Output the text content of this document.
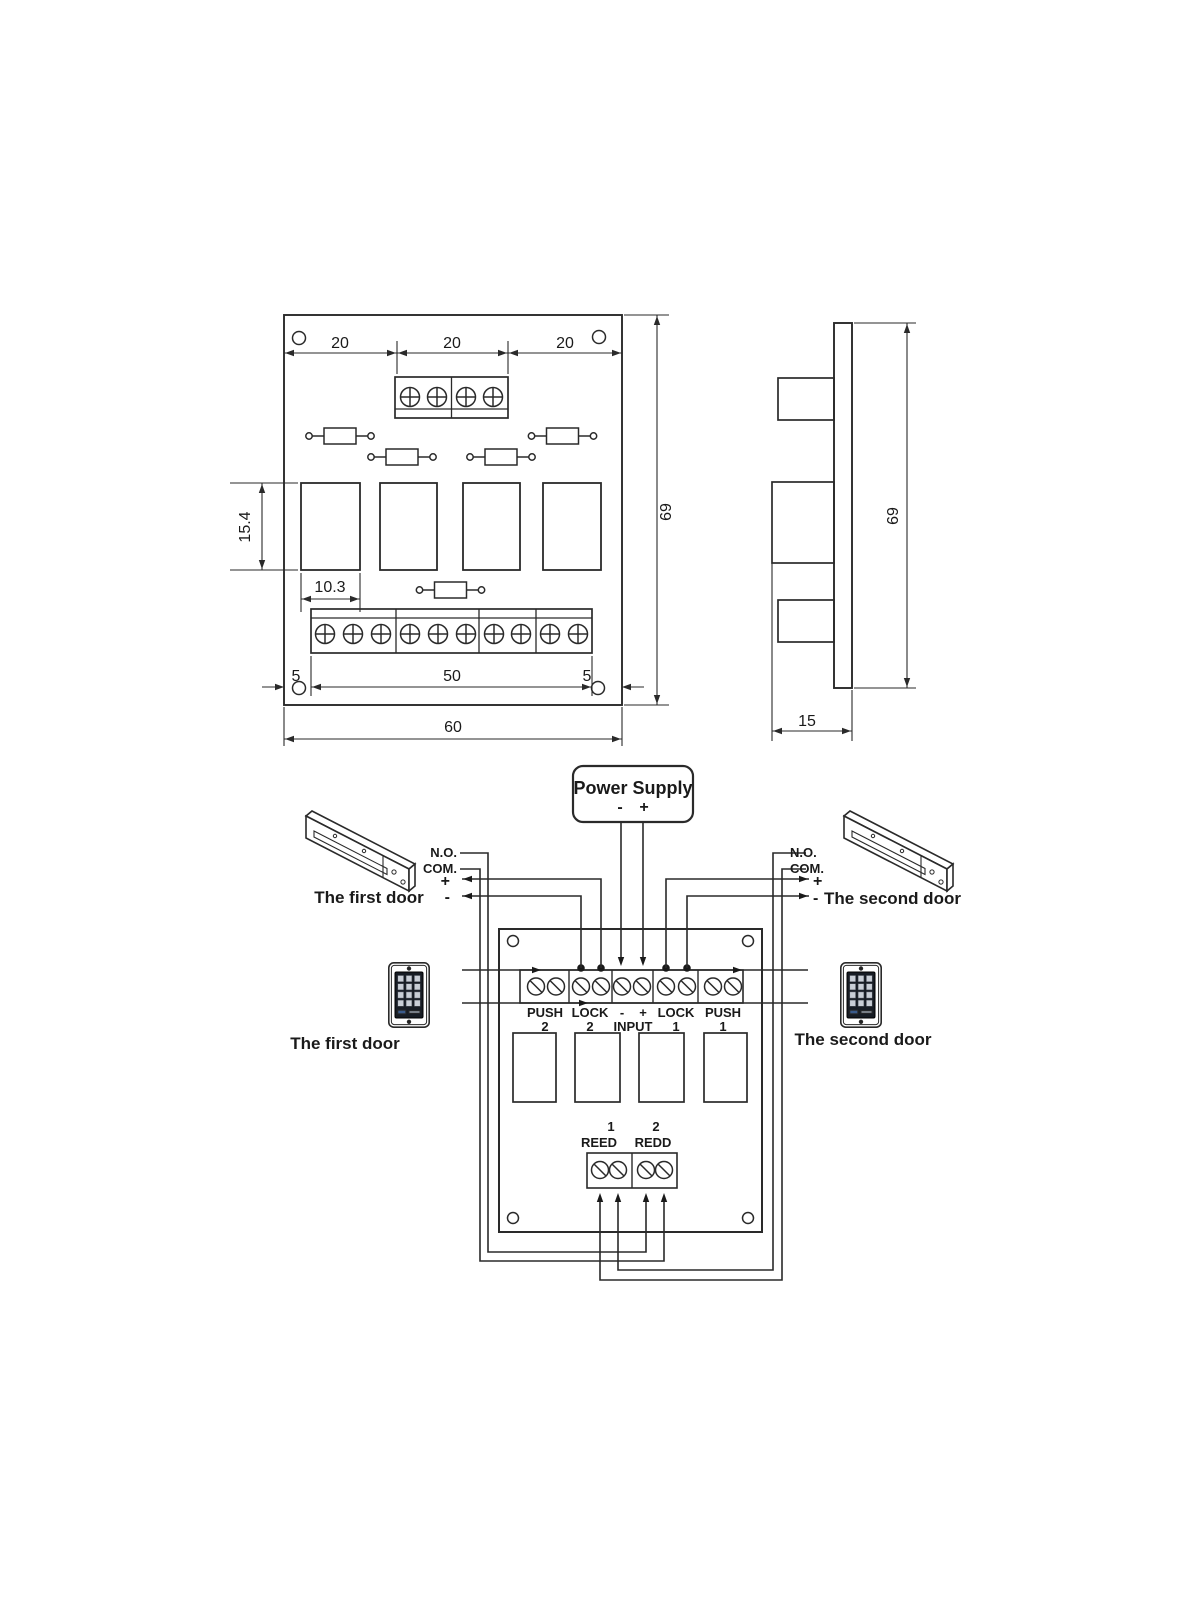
20	20	20
69
15.4
10.3
5	50	5
60
69
15
Power Supply
- +
The first door
The first door	The second door
PUSH LOCK - + LOCK PUSH
2	2 INPUT 1	1
1	2
REED REDD
N.O.
COM.
+
-
N.O.
COM.
+
- The second door
